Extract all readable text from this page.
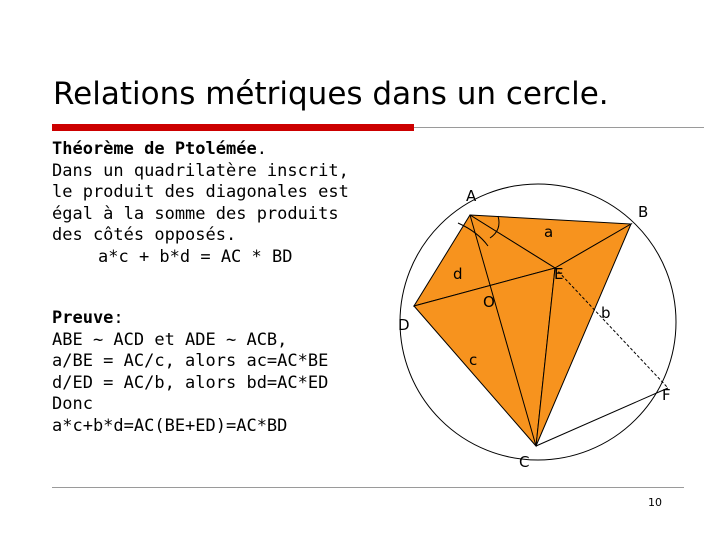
Relations métriques dans un cercle.
Théorème de Ptolémée.
Dans un quadrilatère inscrit,
le produit des diagonales est
égal à la somme des produits
des côtés opposés.
a*c + b*d = AC * BD
Preuve:
ABE ~ ACD et ADE ~ ACB,
a/BE = AC/c, alors ac=AC*BE
d/ED = AC/b, alors bd=AC*ED
Donc
a*c+b*d=AC(BE+ED)=AC*BD
A
B
C
D
E
F
O
a
b
c
d
10
